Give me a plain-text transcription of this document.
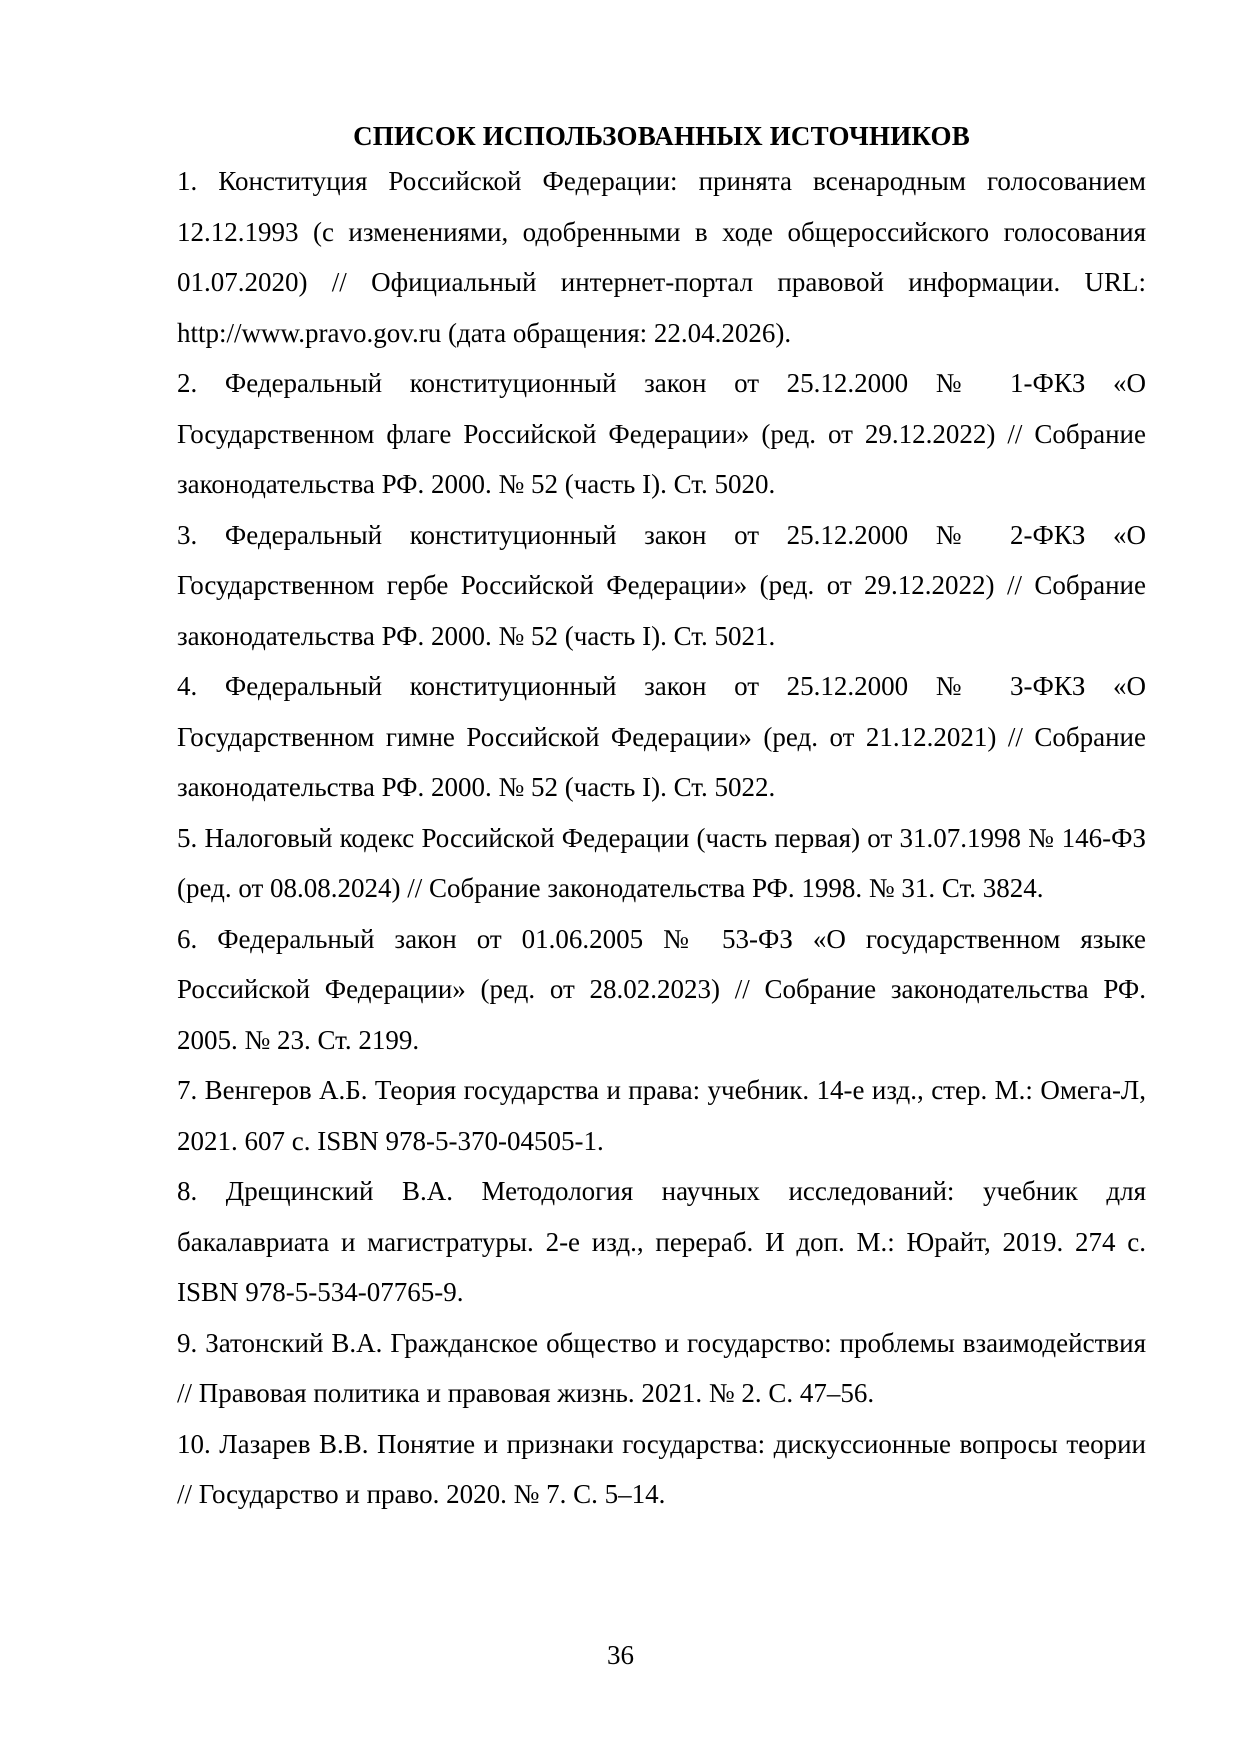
СПИСОК ИСПОЛЬЗОВАННЫХ ИСТОЧНИКОВ

1. Конституция Российской Федерации: принята всенародным голосованием 12.12.1993 (с изменениями, одобренными в ходе общероссийского голосования 01.07.2020) // Официальный интернет-портал правовой информации. URL: http://www.pravo.gov.ru (дата обращения: 22.04.2026).

2. Федеральный конституционный закон от 25.12.2000 № 1-ФКЗ «О Государственном флаге Российской Федерации» (ред. от 29.12.2022) // Собрание законодательства РФ. 2000. № 52 (часть I). Ст. 5020.

3. Федеральный конституционный закон от 25.12.2000 № 2-ФКЗ «О Государственном гербе Российской Федерации» (ред. от 29.12.2022) // Собрание законодательства РФ. 2000. № 52 (часть I). Ст. 5021.

4. Федеральный конституционный закон от 25.12.2000 № 3-ФКЗ «О Государственном гимне Российской Федерации» (ред. от 21.12.2021) // Собрание законодательства РФ. 2000. № 52 (часть I). Ст. 5022.

5. Налоговый кодекс Российской Федерации (часть первая) от 31.07.1998 № 146-ФЗ (ред. от 08.08.2024) // Собрание законодательства РФ. 1998. № 31. Ст. 3824.

6. Федеральный закон от 01.06.2005 № 53-ФЗ «О государственном языке Российской Федерации» (ред. от 28.02.2023) // Собрание законодательства РФ. 2005. № 23. Ст. 2199.

7. Венгеров А.Б. Теория государства и права: учебник. 14-е изд., стер. М.: Омега-Л, 2021. 607 с. ISBN 978-5-370-04505-1.

8. Дрещинский В.А. Методология научных исследований: учебник для бакалавриата и магистратуры. 2-е изд., перераб. И доп. М.: Юрайт, 2019. 274 с. ISBN 978-5-534-07765-9.

9. Затонский В.А. Гражданское общество и государство: проблемы взаимодействия // Правовая политика и правовая жизнь. 2021. № 2. С. 47–56.

10. Лазарев В.В. Понятие и признаки государства: дискуссионные вопросы теории // Государство и право. 2020. № 7. С. 5–14.

36
